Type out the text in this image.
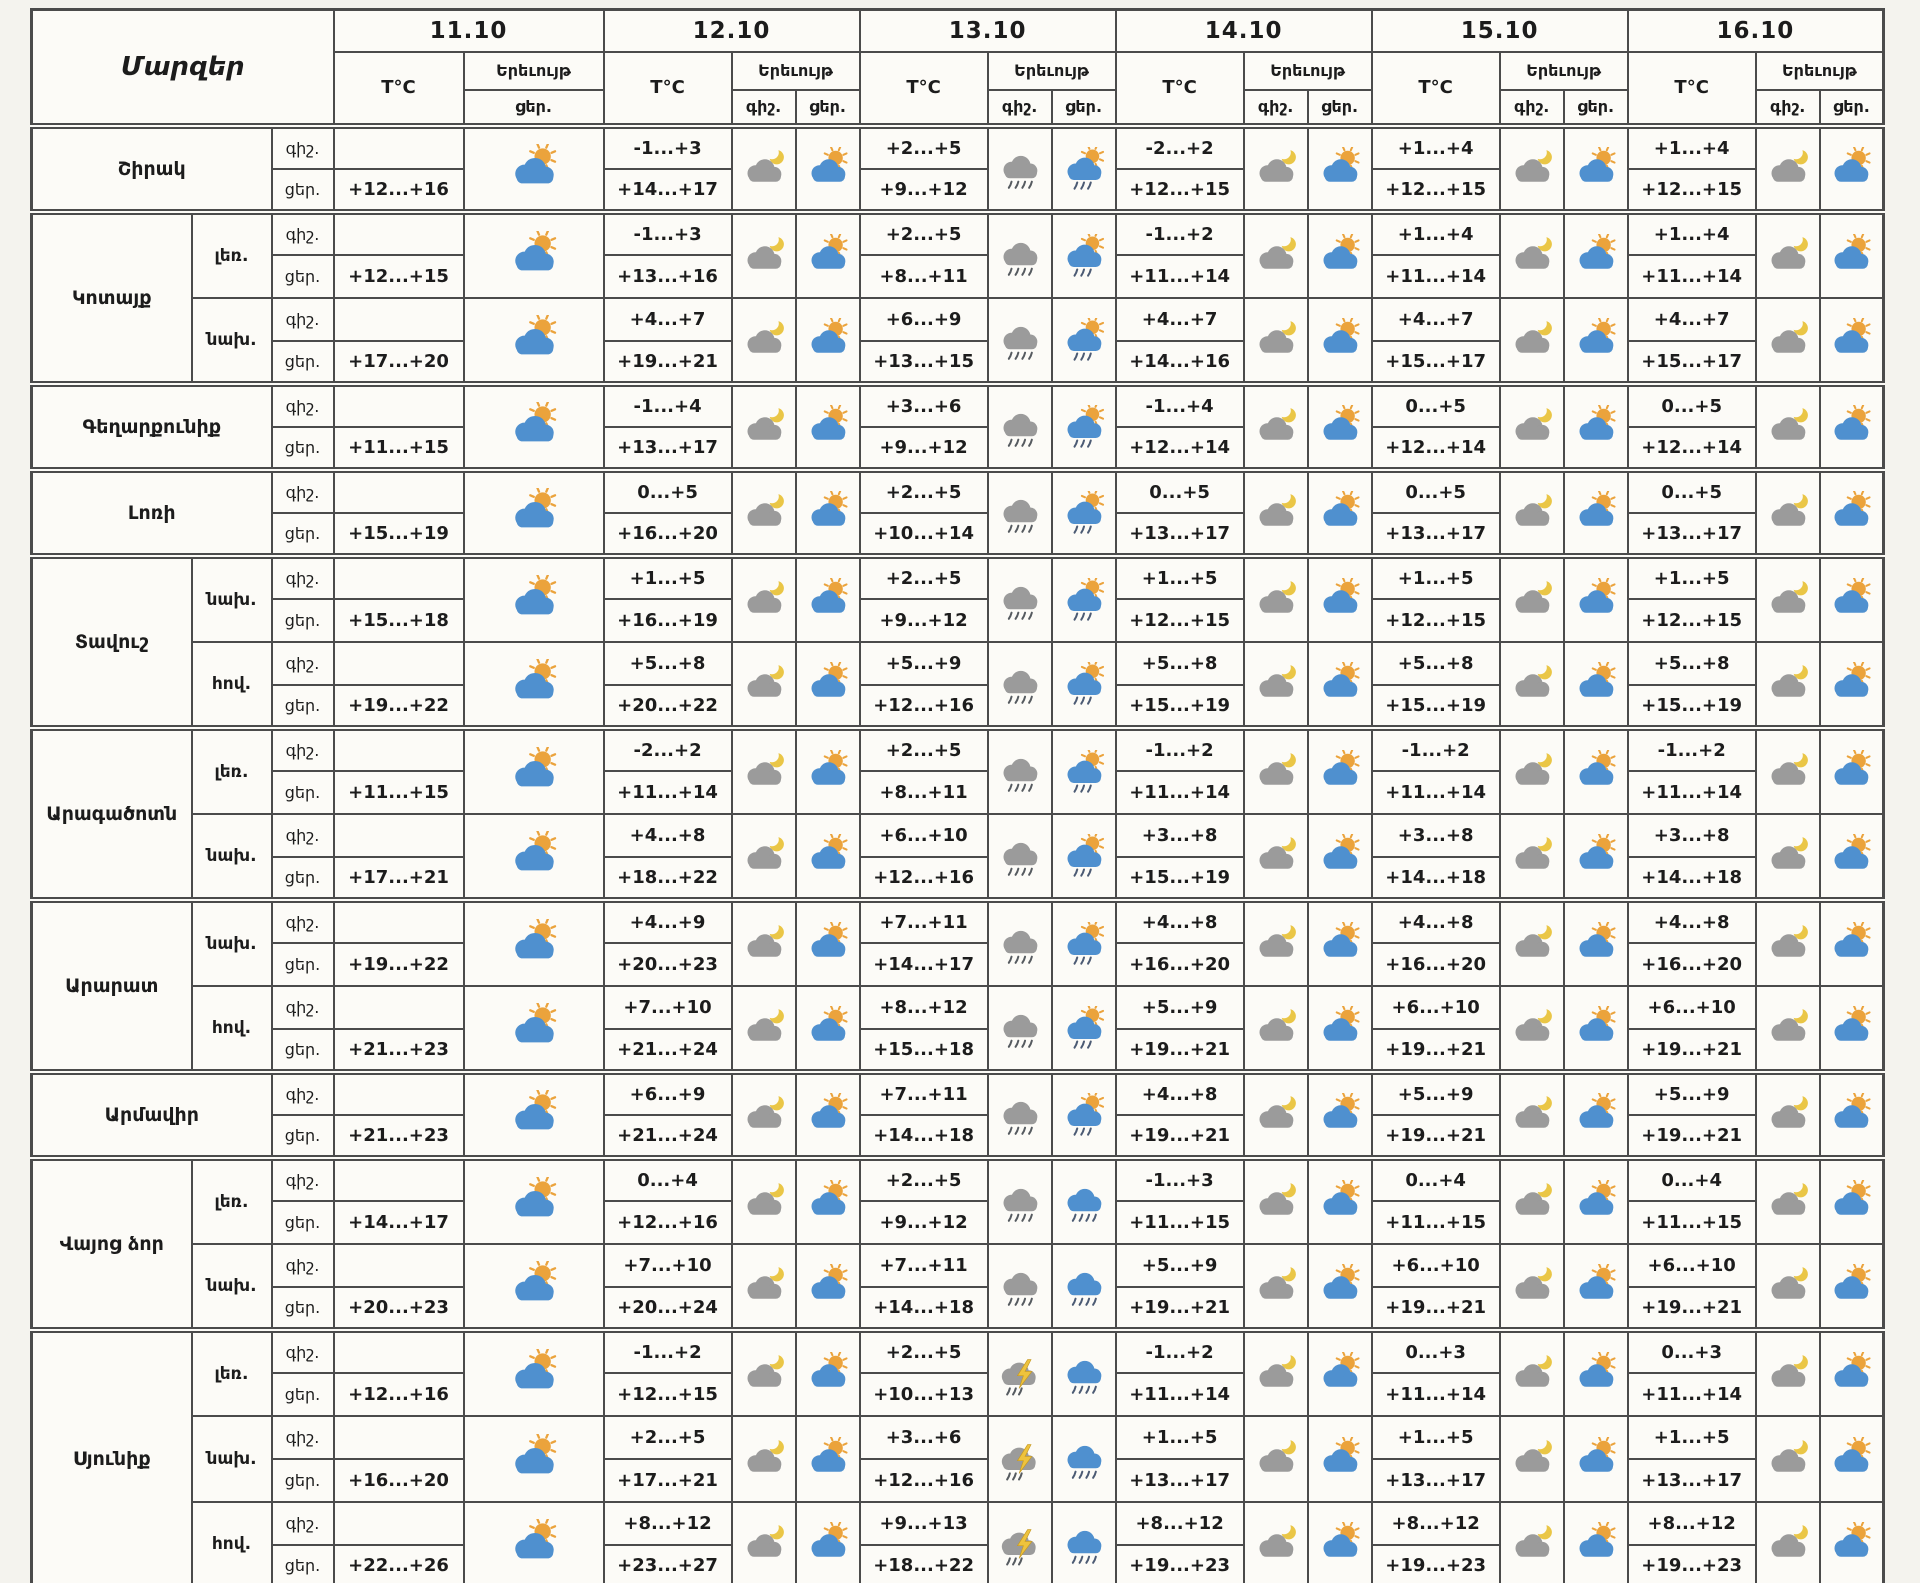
Մարզեր			11.10		12.10			13.10			14.10			15.10			16.10		
			T°C	Երեւույթ	T°C	Երեւույթ		T°C	Երեւույթ		T°C	Երեւույթ		T°C	Երեւույթ		T°C	Երեւույթ	
				ցեր.		գիշ.	ցեր.		գիշ.	ցեր.		գիշ.	ցեր.		գիշ.	ցեր.		գիշ.	ցեր.
Շիրակ		գիշ.			-1...+3			+2...+5			-2...+2			+1...+4			+1...+4	

		ցեր.	+12...+16		+14...+17			+9...+12			+12...+15			+12...+15			+12...+15		
Կոտայք	լեռ.	գիշ.			-1...+3			+2...+5			-1...+2			+1...+4			+1...+4	

		ցեր.	+12...+15		+13...+16			+8...+11			+11...+14			+11...+14			+11...+14		
	նախ.	գիշ.			+4...+7			+6...+9			+4...+7			+4...+7			+4...+7	

		ցեր.	+17...+20		+19...+21			+13...+15			+14...+16			+15...+17			+15...+17		
Գեղարքունիք		գիշ.			-1...+4			+3...+6			-1...+4			0...+5			0...+5	

		ցեր.	+11...+15		+13...+17			+9...+12			+12...+14			+12...+14			+12...+14		
Լոռի		գիշ.			0...+5			+2...+5			0...+5			0...+5			0...+5	

		ցեր.	+15...+19		+16...+20			+10...+14			+13...+17			+13...+17			+13...+17		
Տավուշ	նախ.	գիշ.			+1...+5			+2...+5			+1...+5			+1...+5			+1...+5	

		ցեր.	+15...+18		+16...+19			+9...+12			+12...+15			+12...+15			+12...+15		
	հով.	գիշ.			+5...+8			+5...+9			+5...+8			+5...+8			+5...+8	

		ցեր.	+19...+22		+20...+22			+12...+16			+15...+19			+15...+19			+15...+19		
Արագածոտն	լեռ.	գիշ.			-2...+2			+2...+5			-1...+2			-1...+2			-1...+2	

		ցեր.	+11...+15		+11...+14			+8...+11			+11...+14			+11...+14			+11...+14		
	նախ.	գիշ.			+4...+8			+6...+10			+3...+8			+3...+8			+3...+8	

		ցեր.	+17...+21		+18...+22			+12...+16			+15...+19			+14...+18			+14...+18		
Արարատ	նախ.	գիշ.			+4...+9			+7...+11			+4...+8			+4...+8			+4...+8	

		ցեր.	+19...+22		+20...+23			+14...+17			+16...+20			+16...+20			+16...+20		
	հով.	գիշ.			+7...+10			+8...+12			+5...+9			+6...+10			+6...+10	

		ցեր.	+21...+23		+21...+24			+15...+18			+19...+21			+19...+21			+19...+21		
Արմավիր		գիշ.			+6...+9			+7...+11			+4...+8			+5...+9			+5...+9	

		ցեր.	+21...+23		+21...+24			+14...+18			+19...+21			+19...+21			+19...+21		
Վայոց ձոր	լեռ.	գիշ.			0...+4			+2...+5			-1...+3			0...+4			0...+4	

		ցեր.	+14...+17		+12...+16			+9...+12			+11...+15			+11...+15			+11...+15		
	նախ.	գիշ.			+7...+10			+7...+11			+5...+9			+6...+10			+6...+10	

		ցեր.	+20...+23		+20...+24			+14...+18			+19...+21			+19...+21			+19...+21		
Սյունիք	լեռ.	գիշ.			-1...+2			+2...+5			-1...+2			0...+3			0...+3	

		ցեր.	+12...+16		+12...+15			+10...+13			+11...+14			+11...+14			+11...+14		
	նախ.	գիշ.			+2...+5			+3...+6			+1...+5			+1...+5			+1...+5	

		ցեր.	+16...+20		+17...+21			+12...+16			+13...+17			+13...+17			+13...+17		
	հով.	գիշ.			+8...+12			+9...+13			+8...+12			+8...+12			+8...+12	

		ցեր.	+22...+26		+23...+27			+18...+22			+19...+23			+19...+23			+19...+23		
